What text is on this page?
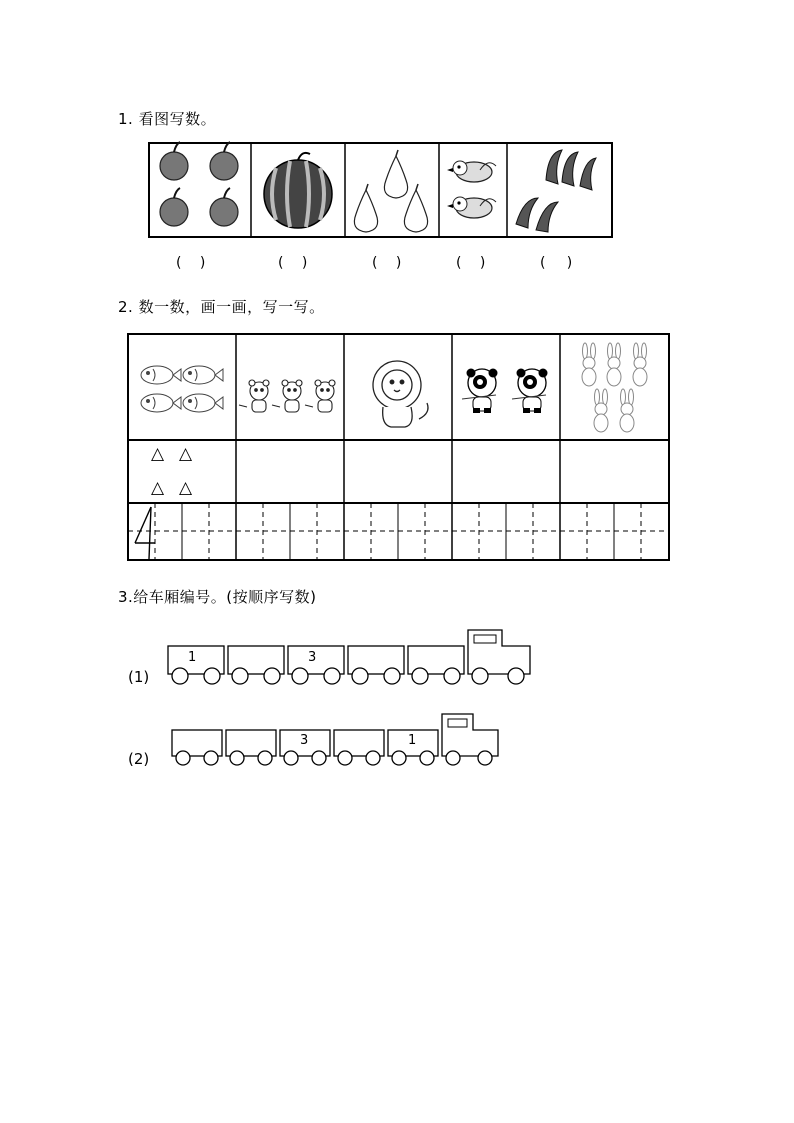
1. 看图写数。
(　 )	(　 )	(　 )	(　 )	(　  )
2. 数一数，画一画，写一写。
△ △
△ △
3.给车厢编号。(按顺序写数)
(1)
1	3
(2)
3	1
